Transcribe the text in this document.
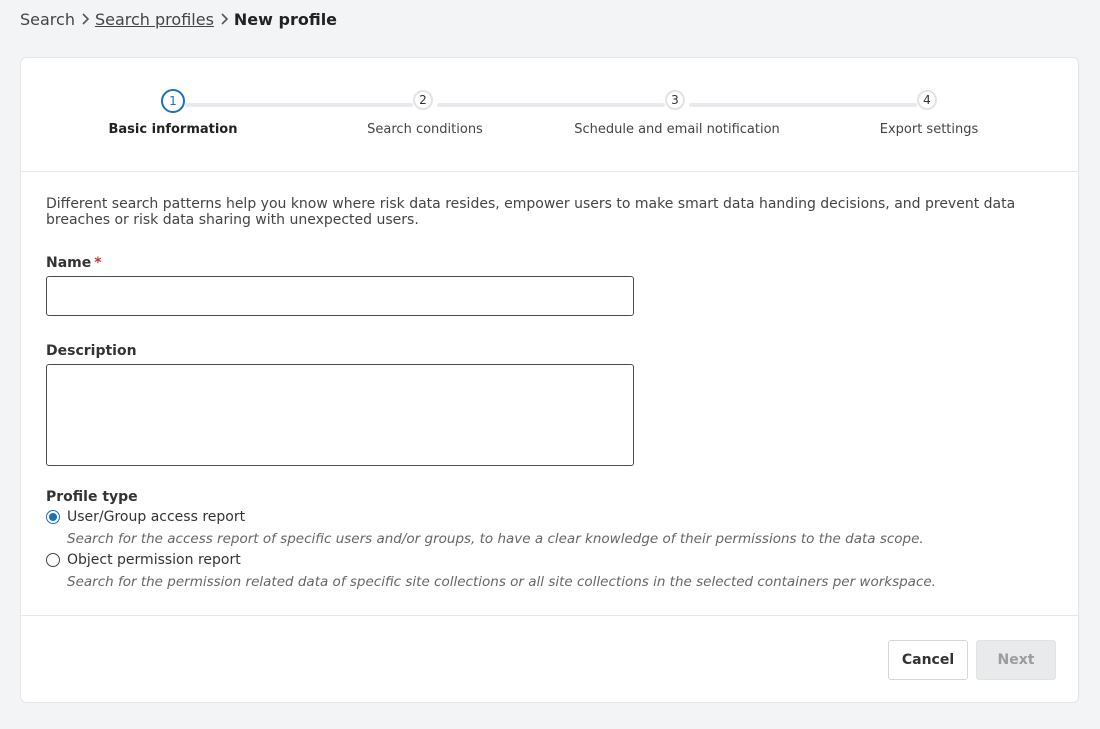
Search Search profiles New profile
1
Basic information
2
Search conditions
3
Schedule and email notification
4
Export settings
Different search patterns help you know where risk data resides, empower users to make smart data handing decisions, and prevent data breaches or risk data sharing with unexpected users.
Name *
Description
Profile type
User/Group access report
Search for the access report of specific users and/or groups, to have a clear knowledge of their permissions to the data scope.
Object permission report
Search for the permission related data of specific site collections or all site collections in the selected containers per workspace.
Cancel	Next
